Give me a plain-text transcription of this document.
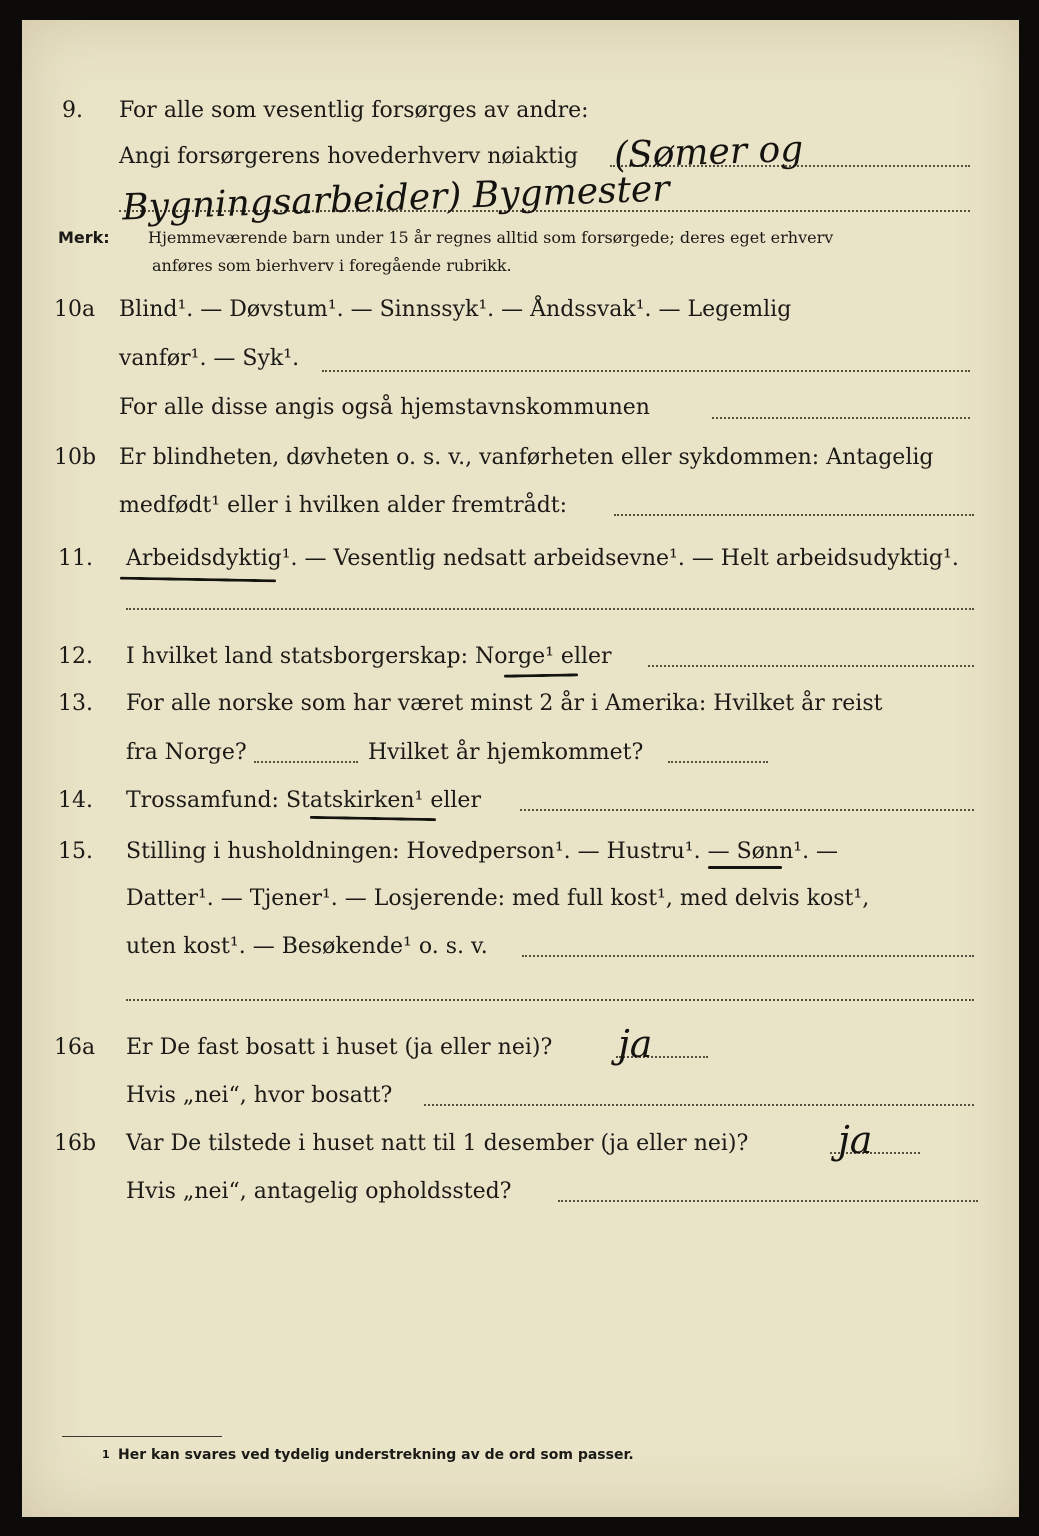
9. For alle som vesentlig forsørges av andre:
Angi forsørgerens hovederhverv nøiaktig (Sømer og
Bygningsarbeider) Bygmester
Merk: Hjemmeværende barn under 15 år regnes alltid som forsørgede; deres eget erhverv
anføres som bierhverv i foregående rubrikk.
10a Blind¹. — Døvstum¹. — Sinnssyk¹. — Åndssvak¹. — Legemlig
vanfør¹. — Syk¹.
For alle disse angis også hjemstavnskommunen
10b Er blindheten, døvheten o. s. v., vanførheten eller sykdommen: Antagelig
medfødt¹ eller i hvilken alder fremtrådt:
11. Arbeidsdyktig¹. — Vesentlig nedsatt arbeidsevne¹. — Helt arbeidsudyktig¹.
12. I hvilket land statsborgerskap: Norge¹ eller
13. For alle norske som har været minst 2 år i Amerika: Hvilket år reist
fra Norge?	Hvilket år hjemkommet?
14. Trossamfund: Statskirken¹ eller
15. Stilling i husholdningen: Hovedperson¹. — Hustru¹. — Sønn¹. —
Datter¹. — Tjener¹. — Losjerende: med full kost¹, med delvis kost¹,
uten kost¹. — Besøkende¹ o. s. v.
16a Er De fast bosatt i huset (ja eller nei)? ja
Hvis „nei“, hvor bosatt?
16b Var De tilstede i huset natt til 1 desember (ja eller nei)? ja
Hvis „nei“, antagelig opholdssted?
1 Her kan svares ved tydelig understrekning av de ord som passer.
